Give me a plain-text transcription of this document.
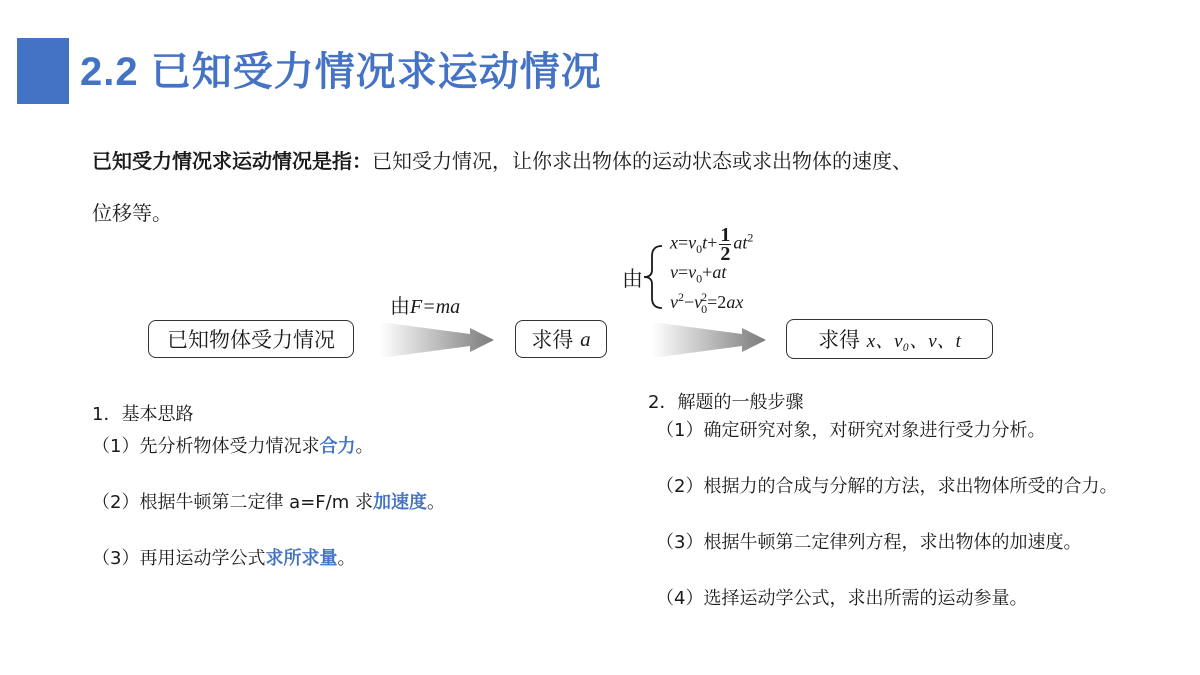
2.2 已知受力情况求运动情况
已知受力情况求运动情况是指：已知受力情况，让你求出物体的运动状态或求出物体的速度、
位移等。
已知物体受力情况
由F=ma
求得
a
由
$x=v_0t+ \frac{1}{2} at^2$
$v=v_0+at$
$v^2-v_0^2=2ax$
求得
x、v₀、v、t

1．基本思路

（1）先分析物体受力情况求合力。

（2）根据牛顿第二定律 a=F/m 求加速度。

（3）再用运动学公式求所求量。

2．解题的一般步骤

（1）确定研究对象，对研究对象进行受力分析。

（2）根据力的合成与分解的方法，求出物体所受的合力。

（3）根据牛顿第二定律列方程，求出物体的加速度。

（4）选择运动学公式，求出所需的运动参量。
